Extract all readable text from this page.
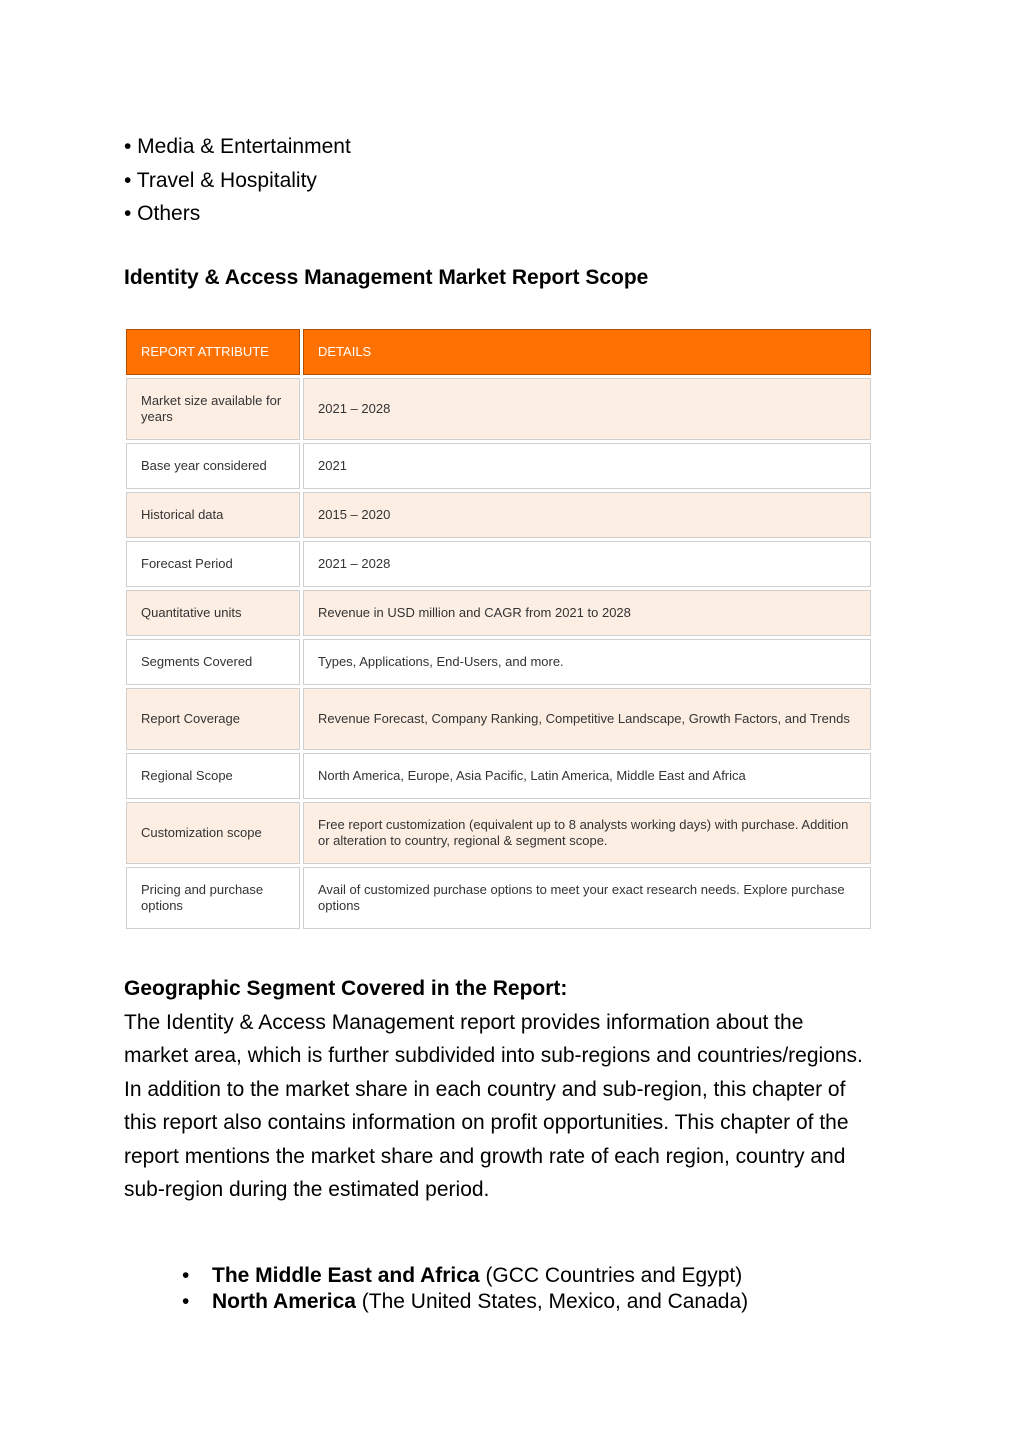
• Media & Entertainment
• Travel & Hospitality
• Others
Identity & Access Management Market Report Scope
REPORT ATTRIBUTE	DETAILS
Market size available for years	2021 – 2028
Base year considered	2021
Historical data	2015 – 2020
Forecast Period	2021 – 2028
Quantitative units	Revenue in USD million and CAGR from 2021 to 2028
Segments Covered	Types, Applications, End-Users, and more.
Report Coverage	Revenue Forecast, Company Ranking, Competitive Landscape, Growth Factors, and Trends
Regional Scope	North America, Europe, Asia Pacific, Latin America, Middle East and Africa
Customization scope	Free report customization (equivalent up to 8 analysts working days) with purchase. Addition or alteration to country, regional & segment scope.
Pricing and purchase options	Avail of customized purchase options to meet your exact research needs. Explore purchase options

Geographic Segment Covered in the Report:

The Identity & Access Management report provides information about the market area, which is further subdivided into sub-regions and countries/regions. In addition to the market share in each country and sub-region, this chapter of this report also contains information on profit opportunities. This chapter of the report mentions the market share and growth rate of each region, country and sub-region during the estimated period.

• The Middle East and Africa (GCC Countries and Egypt)
• North America (The United States, Mexico, and Canada)
